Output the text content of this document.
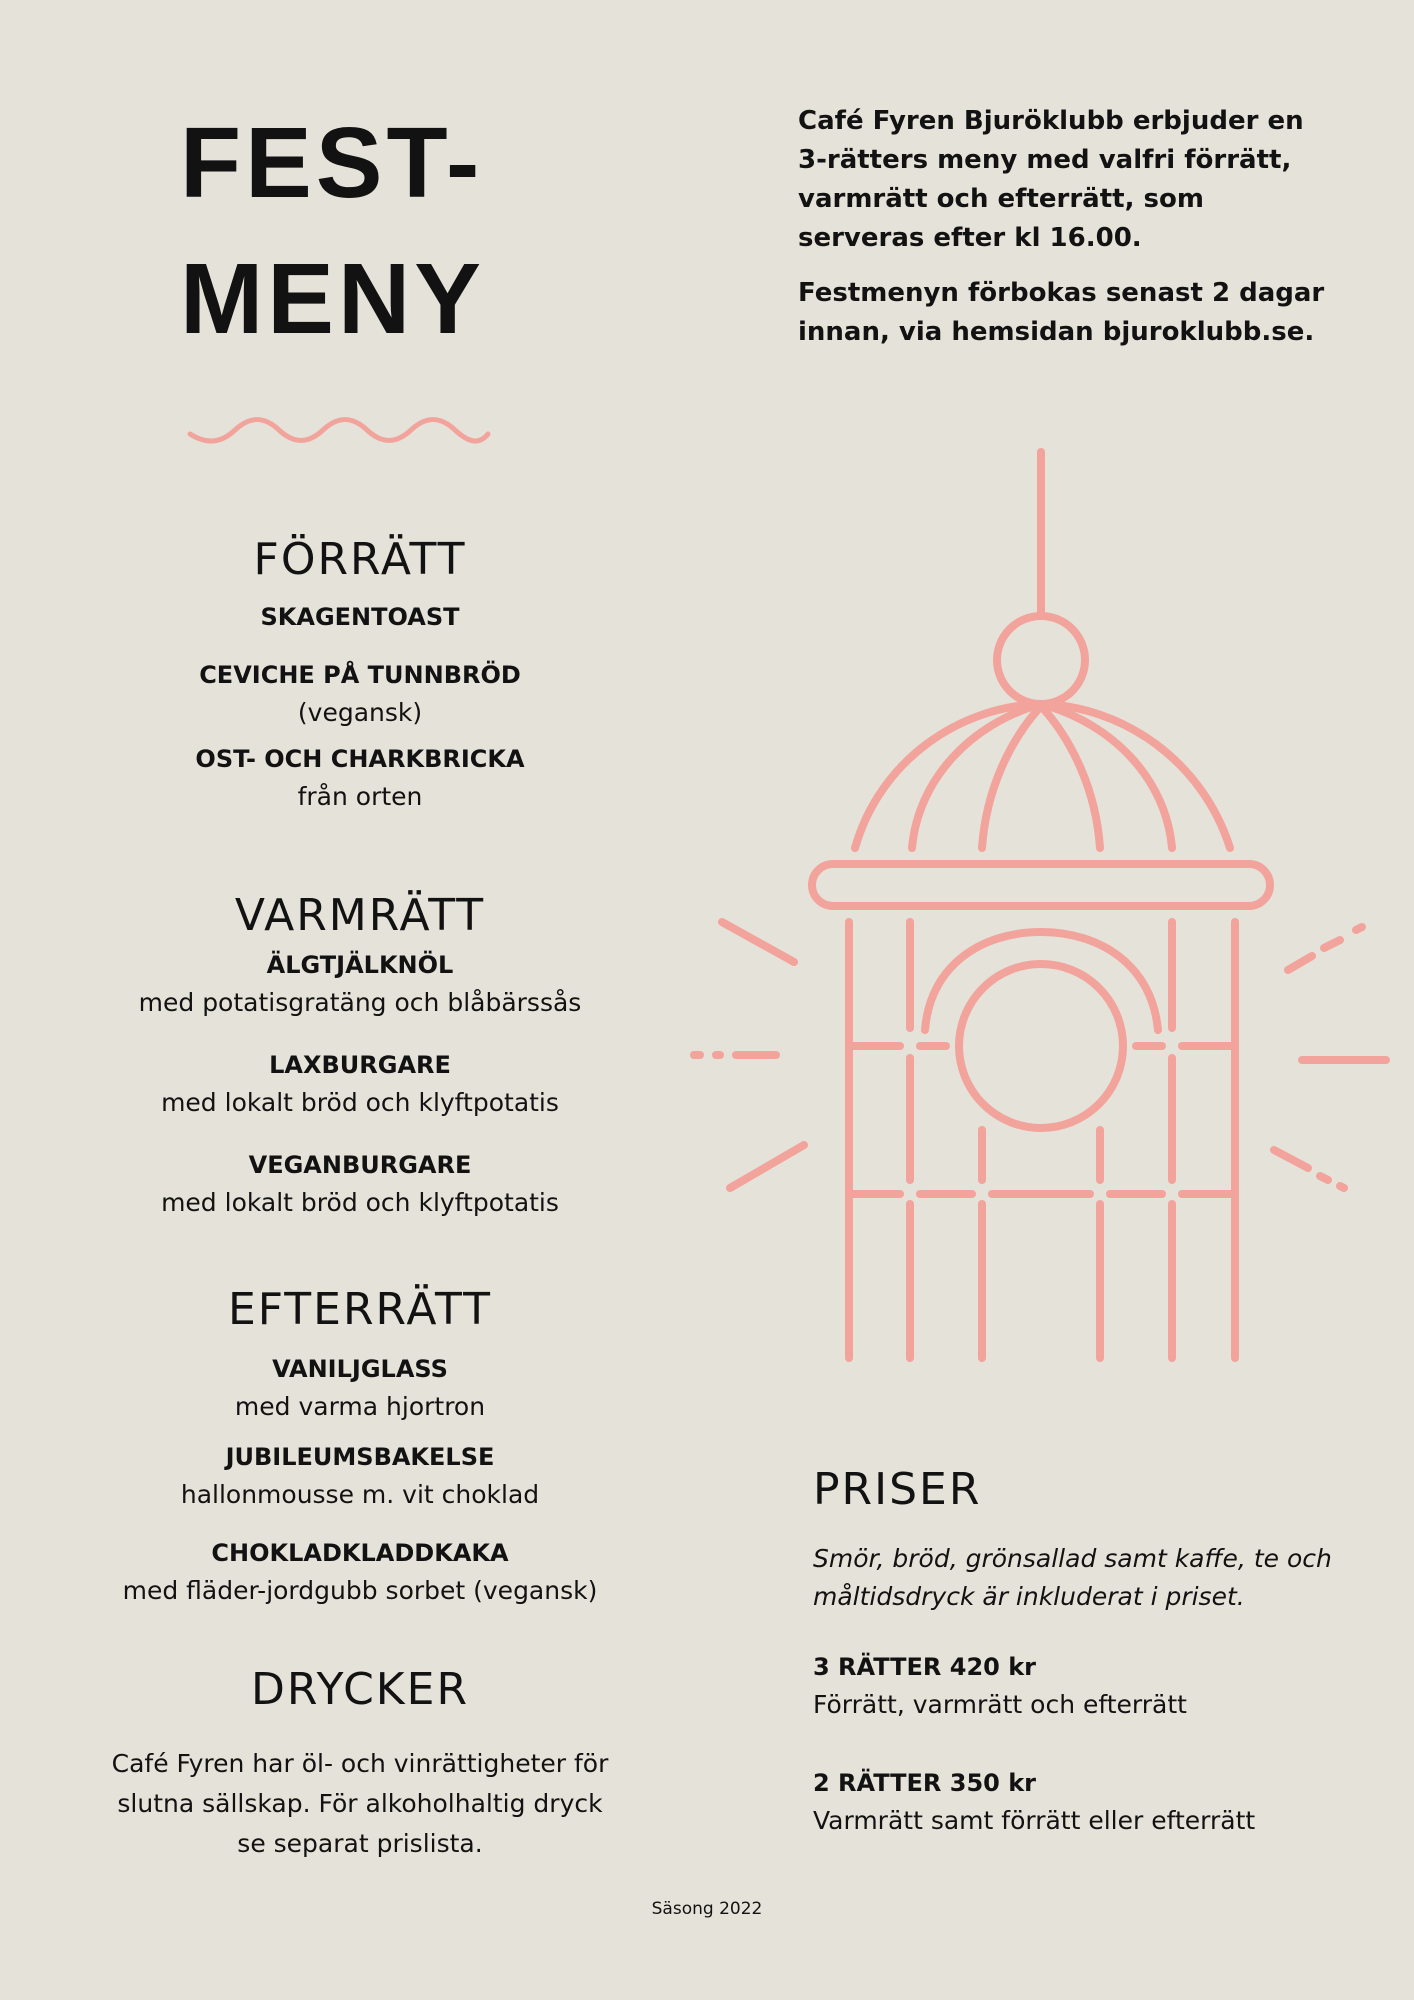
FEST-
MENY

Café Fyren Bjuröklubb erbjuder en 3-rätters meny med valfri förrätt, varmrätt och efterrätt, som serveras efter kl 16.00.

Festmenyn förbokas senast 2 dagar innan, via hemsidan bjuroklubb.se.

FÖRRÄTT

SKAGENTOAST

CEVICHE PÅ TUNNBRÖD

(vegansk)

OST- OCH CHARKBRICKA

från orten

VARMRÄTT

ÄLGTJÄLKNÖL

med potatisgratäng och blåbärssås

LAXBURGARE

med lokalt bröd och klyftpotatis

VEGANBURGARE

med lokalt bröd och klyftpotatis

EFTERRÄTT

VANILJGLASS

med varma hjortron

JUBILEUMSBAKELSE

hallonmousse m. vit choklad

CHOKLADKLADDKAKA

med fläder-jordgubb sorbet (vegansk)

DRYCKER

Café Fyren har öl- och vinrättigheter för slutna sällskap. För alkoholhaltig dryck se separat prislista.

PRISER

Smör, bröd, grönsallad samt kaffe, te och måltidsdryck är inkluderat i priset.

3 RÄTTER 420 kr

Förrätt, varmrätt och efterrätt

2 RÄTTER 350 kr

Varmrätt samt förrätt eller efterrätt

Säsong 2022
